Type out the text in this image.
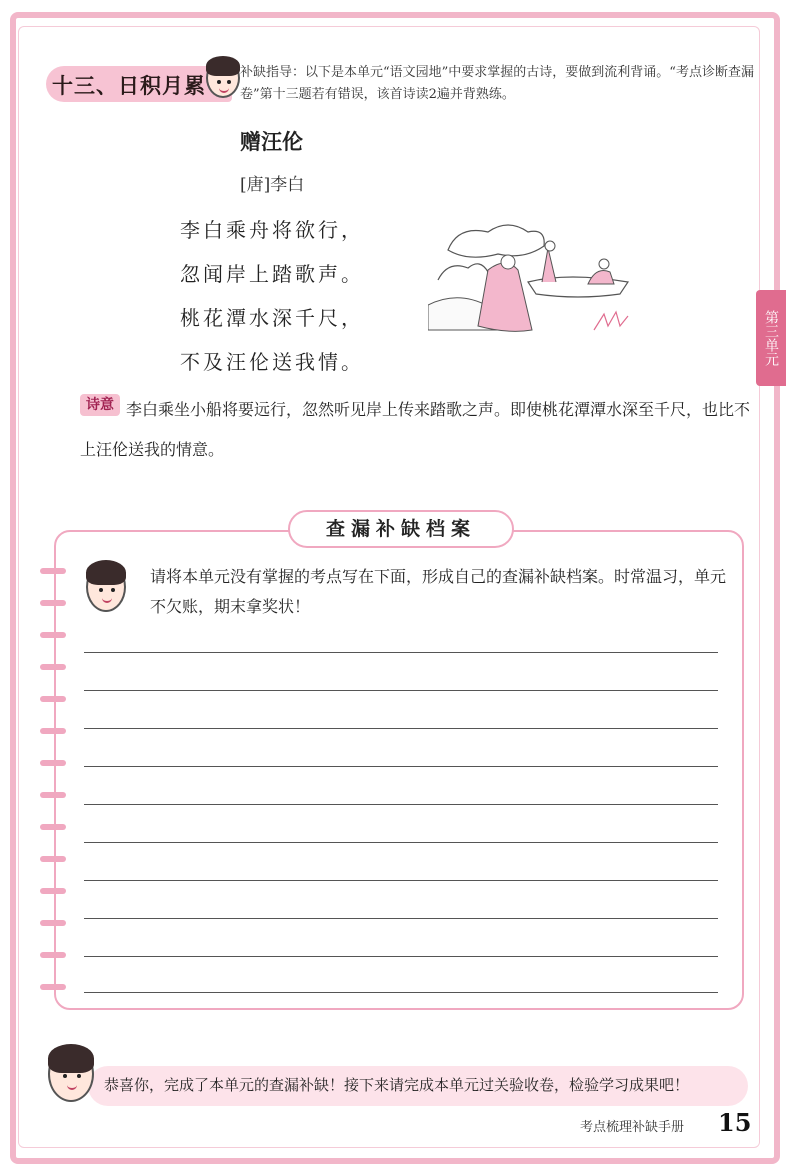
十三、日积月累
补缺指导：以下是本单元“语文园地”中要求掌握的古诗，要做到流利背诵。“考点诊断查漏卷”第十三题若有错误，该首诗读2遍并背熟练。
赠汪伦
[唐]李白
李白乘舟将欲行，
忽闻岸上踏歌声。
桃花潭水深千尺，
不及汪伦送我情。	第三单元
李白乘坐小船将要远行，忽然听见岸上传来踏歌之声。即使桃花潭潭水深至千尺，也比不上汪伦送我的情意。
诗意
查漏补缺档案
请将本单元没有掌握的考点写在下面，形成自己的查漏补缺档案。时常温习，单元不欠账，期末拿奖状！
恭喜你，完成了本单元的查漏补缺！接下来请完成本单元过关验收卷，检验学习成果吧！
考点梳理补缺手册 15
